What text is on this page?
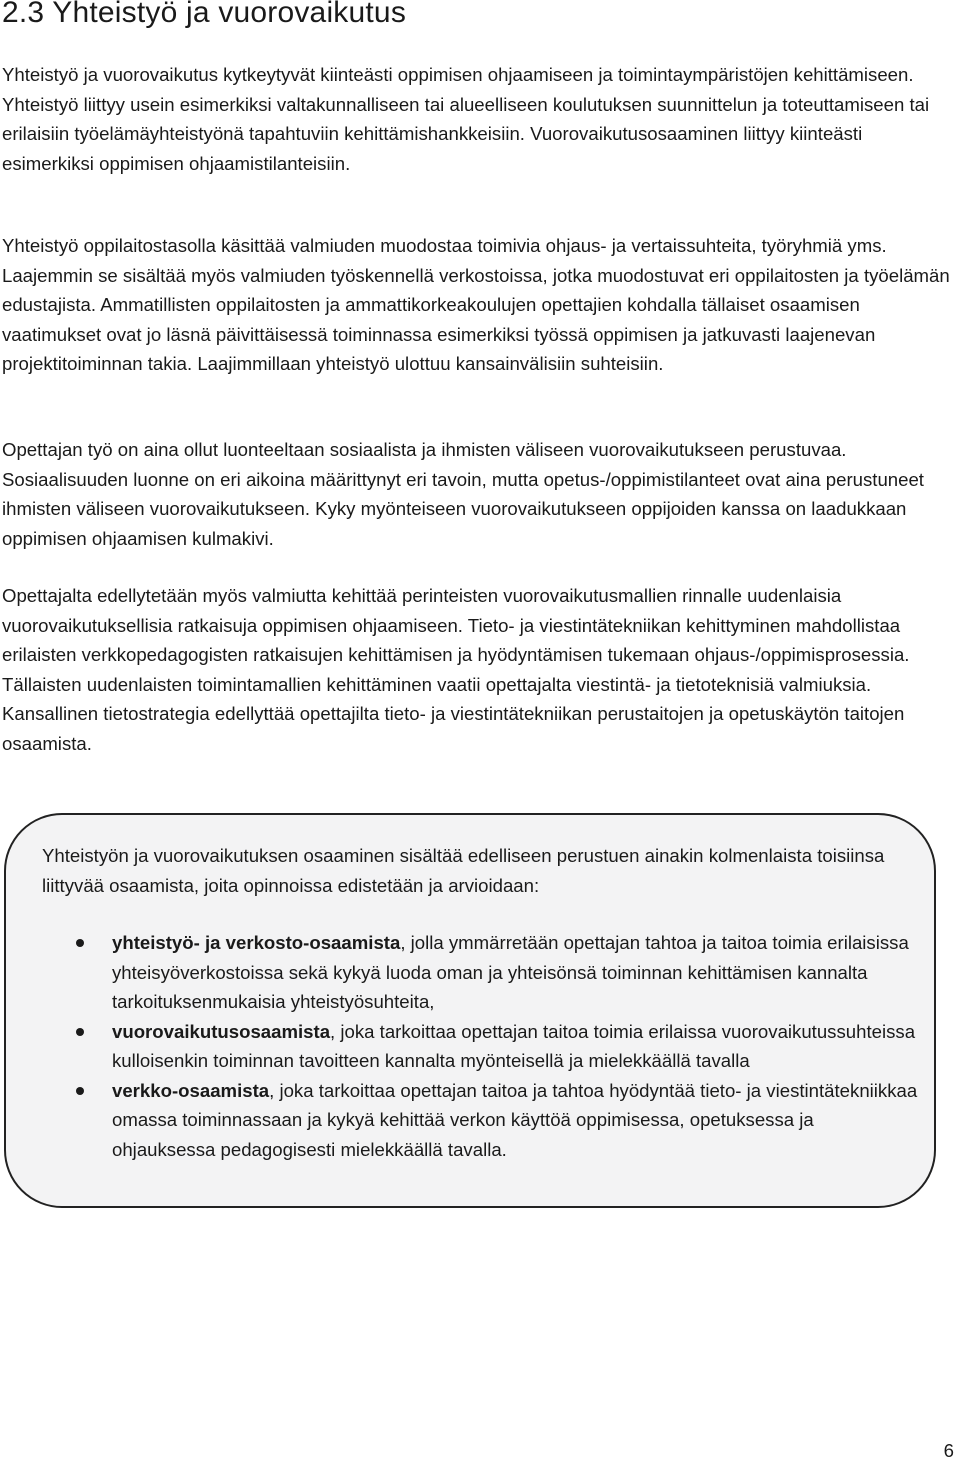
2.3 Yhteistyö ja vuorovaikutus

Yhteistyö ja vuorovaikutus kytkeytyvät kiinteästi oppimisen ohjaamiseen ja toimintaympäristöjen kehittämiseen. Yhteistyö liittyy usein esimerkiksi valtakunnalliseen tai alueelliseen koulutuksen suunnittelun ja toteuttamiseen tai erilaisiin työelämäyhteistyönä tapahtuviin kehittämishankkeisiin. Vuorovaikutusosaaminen liittyy kiinteästi esimerkiksi oppimisen ohjaamistilanteisiin.

Yhteistyö oppilaitostasolla käsittää valmiuden muodostaa toimivia ohjaus- ja vertaissuhteita, työryhmiä yms. Laajemmin se sisältää myös valmiuden työskennellä verkostoissa, jotka muodostuvat eri oppilaitosten ja työelämän edustajista. Ammatillisten oppilaitosten ja ammattikorkeakoulujen opettajien kohdalla tällaiset osaamisen vaatimukset ovat jo läsnä päivittäisessä toiminnassa esimerkiksi työssä oppimisen ja jatkuvasti laajenevan projektitoiminnan takia. Laajimmillaan yhteistyö ulottuu kansainvälisiin suhteisiin.

Opettajan työ on aina ollut luonteeltaan sosiaalista ja ihmisten väliseen vuorovaikutukseen perustuvaa. Sosiaalisuuden luonne on eri aikoina määrittynyt eri tavoin, mutta opetus-/oppimistilanteet ovat aina perustuneet ihmisten väliseen vuorovaikutukseen. Kyky myönteiseen vuorovaikutukseen oppijoiden kanssa on laadukkaan oppimisen ohjaamisen kulmakivi.

Opettajalta edellytetään myös valmiutta kehittää perinteisten vuorovaikutusmallien rinnalle uudenlaisia vuorovaikutuksellisia ratkaisuja oppimisen ohjaamiseen. Tieto- ja viestintätekniikan kehittyminen mahdollistaa erilaisten verkkopedagogisten ratkaisujen kehittämisen ja hyödyntämisen tukemaan ohjaus-/oppimisprosessia. Tällaisten uudenlaisten toimintamallien kehittäminen vaatii opettajalta viestintä- ja tietoteknisiä valmiuksia. Kansallinen tietostrategia edellyttää opettajilta tieto- ja viestintätekniikan perustaitojen ja opetuskäytön taitojen osaamista.

Yhteistyön ja vuorovaikutuksen osaaminen sisältää edelliseen perustuen ainakin kolmenlaista toisiinsa liittyvää osaamista, joita opinnoissa edistetään ja arvioidaan:

yhteistyö- ja verkosto-osaamista, jolla ymmärretään opettajan tahtoa ja taitoa toimia erilaisissa yhteisyöverkostoissa sekä kykyä luoda oman ja yhteisönsä toiminnan kehittämisen kannalta tarkoituksenmukaisia yhteistyösuhteita,
vuorovaikutusosaamista, joka tarkoittaa opettajan taitoa toimia erilaissa vuorovaikutussuhteissa kulloisenkin toiminnan tavoitteen kannalta myönteisellä ja mielekkäällä tavalla
verkko-osaamista, joka tarkoittaa opettajan taitoa ja tahtoa hyödyntää tieto- ja viestintätekniikkaa omassa toiminnassaan ja kykyä kehittää verkon käyttöä oppimisessa, opetuksessa ja ohjauksessa pedagogisesti mielekkäällä tavalla.
6
